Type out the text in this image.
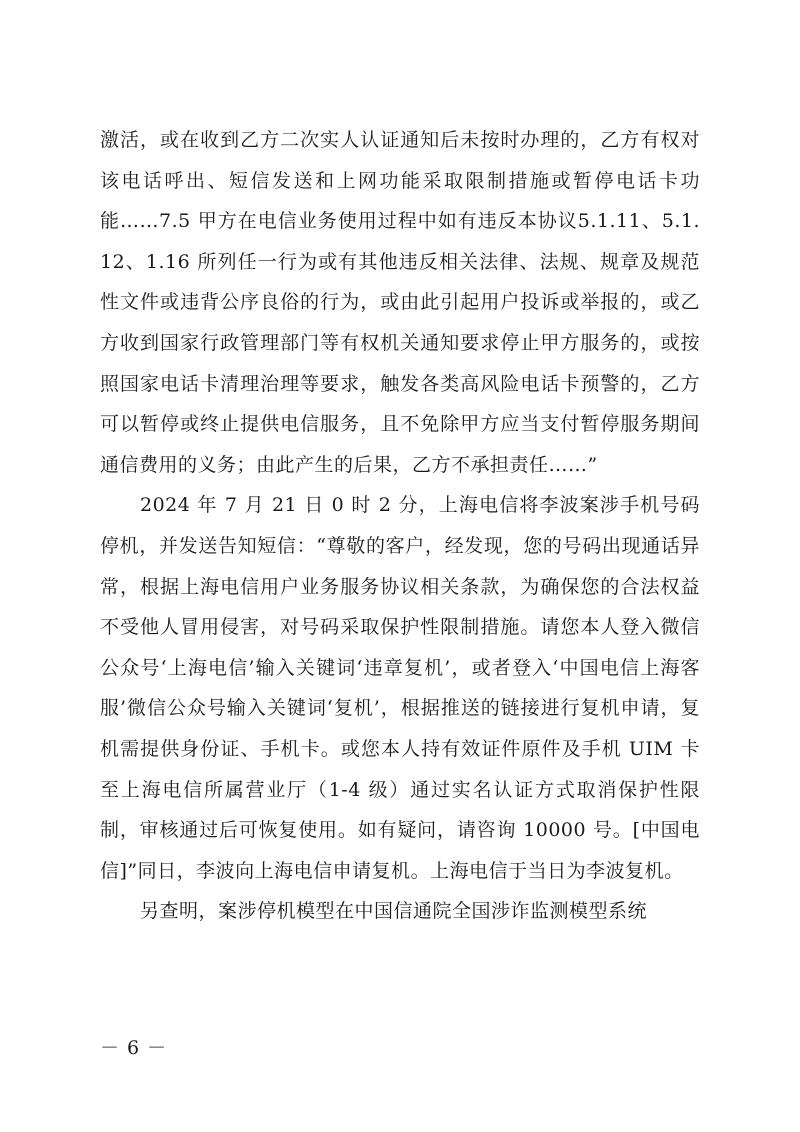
激活，或在收到乙方二次实人认证通知后未按时办理的，乙方有权对该电话呼出、短信发送和上网功能采取限制措施或暂停电话卡功能……7.5 甲方在电信业务使用过程中如有违反本协议5.1.11、5.1.12、1.16 所列任一行为或有其他违反相关法律、法规、规章及规范性文件或违背公序良俗的行为，或由此引起用户投诉或举报的，或乙方收到国家行政管理部门等有权机关通知要求停止甲方服务的，或按照国家电话卡清理治理等要求，触发各类高风险电话卡预警的，乙方可以暂停或终止提供电信服务，且不免除甲方应当支付暂停服务期间通信费用的义务；由此产生的后果，乙方不承担责任……”

2024 年 7 月 21 日 0 时 2 分，上海电信将李波案涉手机号码停机，并发送告知短信：“尊敬的客户，经发现，您的号码出现通话异常，根据上海电信用户业务服务协议相关条款，为确保您的合法权益不受他人冒用侵害，对号码采取保护性限制措施。请您本人登入微信公众号‘上海电信’输入关键词‘违章复机’，或者登入‘中国电信上海客服’微信公众号输入关键词‘复机’，根据推送的链接进行复机申请，复机需提供身份证、手机卡。或您本人持有效证件原件及手机 UIM 卡至上海电信所属营业厅（1-4 级）通过实名认证方式取消保护性限制，审核通过后可恢复使用。如有疑问，请咨询 10000 号。[中国电信]”同日，李波向上海电信申请复机。上海电信于当日为李波复机。

另查明，案涉停机模型在中国信通院全国涉诈监测模型系统

－ 6 －
